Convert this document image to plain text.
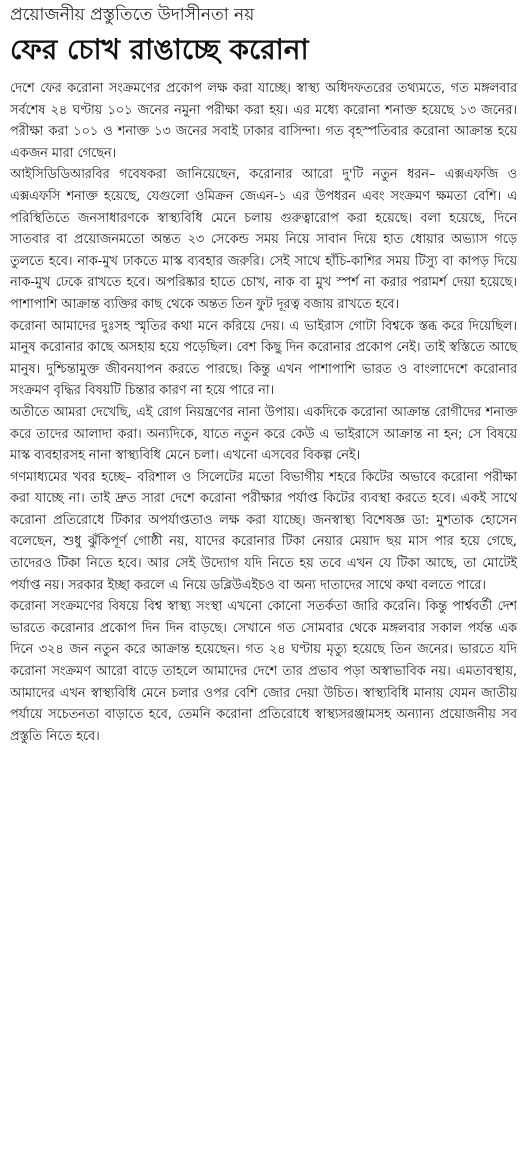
প্রয়োজনীয় প্রস্তুতিতে উদাসীনতা নয়
ফের চোখ রাঙাচ্ছে করোনা

দেশে ফের করোনা সংক্রমণের প্রকোপ লক্ষ করা যাচ্ছে। স্বাস্থ্য অধিদফতরের তথ্যমতে, গত মঙ্গলবার সর্বশেষ ২৪ ঘণ্টায় ১০১ জনের নমুনা পরীক্ষা করা হয়। এর মধ্যে করোনা শনাক্ত হয়েছে ১৩ জনের। পরীক্ষা করা ১০১ ও শনাক্ত ১৩ জনের সবাই ঢাকার বাসিন্দা। গত বৃহস্পতিবার করোনা আক্রান্ত হয়ে একজন মারা গেছেন।

আইসিডিডিআরবির গবেষকরা জানিয়েছেন, করোনার আরো দু'টি নতুন ধরন– এক্সএফজি ও এক্সএফসি শনাক্ত হয়েছে, যেগুলো ওমিক্রন জেএন-১ এর উপধরন এবং সংক্রমণ ক্ষমতা বেশি। এ পরিস্থিতিতে জনসাধারণকে স্বাস্থ্যবিধি মেনে চলায় গুরুত্বারোপ করা হয়েছে। বলা হয়েছে, দিনে সাতবার বা প্রয়োজনমতো অন্তত ২৩ সেকেন্ড সময় নিয়ে সাবান দিয়ে হাত ধোয়ার অভ্যাস গড়ে তুলতে হবে। নাক-মুখ ঢাকতে মাস্ক ব্যবহার জরুরি। সেই সাথে হাঁচি-কাশির সময় টিস্যু বা কাপড় দিয়ে নাক-মুখ ঢেকে রাখতে হবে। অপরিষ্কার হাতে চোখ, নাক বা মুখ স্পর্শ না করার পরামর্শ দেয়া হয়েছে। পাশাপাশি আক্রান্ত ব্যক্তির কাছ থেকে অন্তত তিন ফুট দূরত্ব বজায় রাখতে হবে।

করোনা আমাদের দুঃসহ স্মৃতির কথা মনে করিয়ে দেয়। এ ভাইরাস গোটা বিশ্বকে স্তব্ধ করে দিয়েছিল। মানুষ করোনার কাছে অসহায় হয়ে পড়েছিল। বেশ কিছু দিন করোনার প্রকোপ নেই। তাই স্বস্তিতে আছে মানুষ। দুশ্চিন্তামুক্ত জীবনযাপন করতে পারছে। কিন্তু এখন পাশাপাশি ভারত ও বাংলাদেশে করোনার সংক্রমণ বৃদ্ধির বিষয়টি চিন্তার কারণ না হয়ে পারে না।

অতীতে আমরা দেখেছি, এই রোগ নিয়ন্ত্রণের নানা উপায়। একদিকে করোনা আক্রান্ত রোগীদের শনাক্ত করে তাদের আলাদা করা। অন্যদিকে, যাতে নতুন করে কেউ এ ভাইরাসে আক্রান্ত না হন; সে বিষয়ে মাস্ক ব্যবহারসহ নানা স্বাস্থ্যবিধি মেনে চলা। এখনো এসবের বিকল্প নেই।

গণমাধ্যমের খবর হচ্ছে– বরিশাল ও সিলেটের মতো বিভাগীয় শহরে কিটের অভাবে করোনা পরীক্ষা করা যাচ্ছে না। তাই দ্রুত সারা দেশে করোনা পরীক্ষার পর্যাপ্ত কিটের ব্যবস্থা করতে হবে। একই সাথে করোনা প্রতিরোধে টিকার অপর্যাপ্ততাও লক্ষ করা যাচ্ছে। জনস্বাস্থ্য বিশেষজ্ঞ ডা: মুশতাক হোসেন বলেছেন, শুধু ঝুঁকিপূর্ণ গোষ্ঠী নয়, যাদের করোনার টিকা নেয়ার মেয়াদ ছয় মাস পার হয়ে গেছে, তাদেরও টিকা নিতে হবে। আর সেই উদ্যোগ যদি নিতে হয় তবে এখন যে টিকা আছে, তা মোটেই পর্যাপ্ত নয়। সরকার ইচ্ছা করলে এ নিয়ে ডব্লিউএইচও বা অন্য দাতাদের সাথে কথা বলতে পারে।

করোনা সংক্রমণের বিষয়ে বিশ্ব স্বাস্থ্য সংস্থা এখনো কোনো সতর্কতা জারি করেনি। কিন্তু পার্শ্ববর্তী দেশ ভারতে করোনার প্রকোপ দিন দিন বাড়ছে। সেখানে গত সোমবার থেকে মঙ্গলবার সকাল পর্যন্ত এক দিনে ৩২৪ জন নতুন করে আক্রান্ত হয়েছেন। গত ২৪ ঘণ্টায় মৃত্যু হয়েছে তিন জনের। ভারতে যদি করোনা সংক্রমণ আরো বাড়ে তাহলে আমাদের দেশে তার প্রভাব পড়া অস্বাভাবিক নয়। এমতাবস্থায়, আমাদের এখন স্বাস্থ্যবিধি মেনে চলার ওপর বেশি জোর দেয়া উচিত। স্বাস্থ্যবিধি মানায় যেমন জাতীয় পর্যায়ে সচেতনতা বাড়াতে হবে, তেমনি করোনা প্রতিরোধে স্বাস্থ্যসরঞ্জামসহ অন্যান্য প্রয়োজনীয় সব প্রস্তুতি নিতে হবে।
